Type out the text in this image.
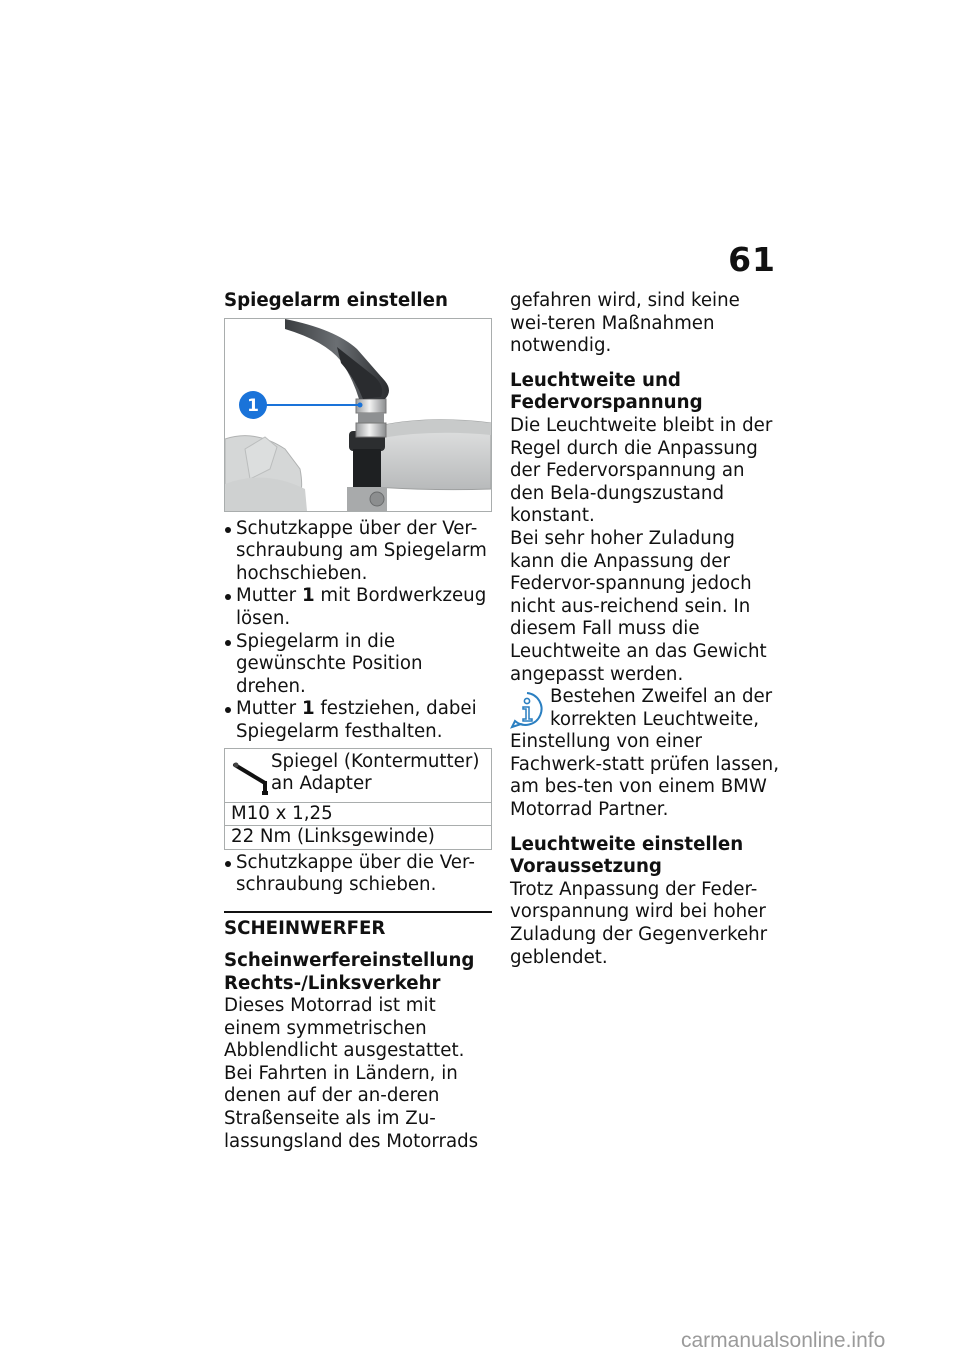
61

Spiegelarm einstellen

1
Schutzkappe über der Ver-schraubung am Spiegelarm hochschieben.
Mutter 1 mit Bordwerkzeug lösen.
Spiegelarm in die gewünschte Position drehen.
Mutter 1 festziehen, dabei Spiegelarm festhalten.
Spiegel (Kontermutter)
an Adapter

M10 x 1,25
22 Nm (Linksgewinde)
Schutzkappe über die Ver-schraubung schieben.

SCHEINWERFER

Scheinwerfereinstellung

Rechts-/Linksverkehr

Dieses Motorrad ist mit einem symmetrischen Abblendlicht ausgestattet. Bei Fahrten in Ländern, in denen auf der an-deren Straßenseite als im Zu-lassungsland des Motorrads

gefahren wird, sind keine wei-teren Maßnahmen notwendig.

Leuchtweite und

Federvorspannung

Die Leuchtweite bleibt in der Regel durch die Anpassung der Federvorspannung an den Bela-dungszustand konstant.

Bei sehr hoher Zuladung kann die Anpassung der Federvor-spannung jedoch nicht aus-reichend sein. In diesem Fall muss die Leuchtweite an das Gewicht angepasst werden.

Bestehen Zweifel an der korrekten Leuchtweite, Einstellung von einer Fachwerk-statt prüfen lassen, am bes-ten von einem BMW Motorrad Partner.

Leuchtweite einstellen

Voraussetzung

Trotz Anpassung der Feder-vorspannung wird bei hoher Zuladung der Gegenverkehr geblendet.

carmanualsonline.info
